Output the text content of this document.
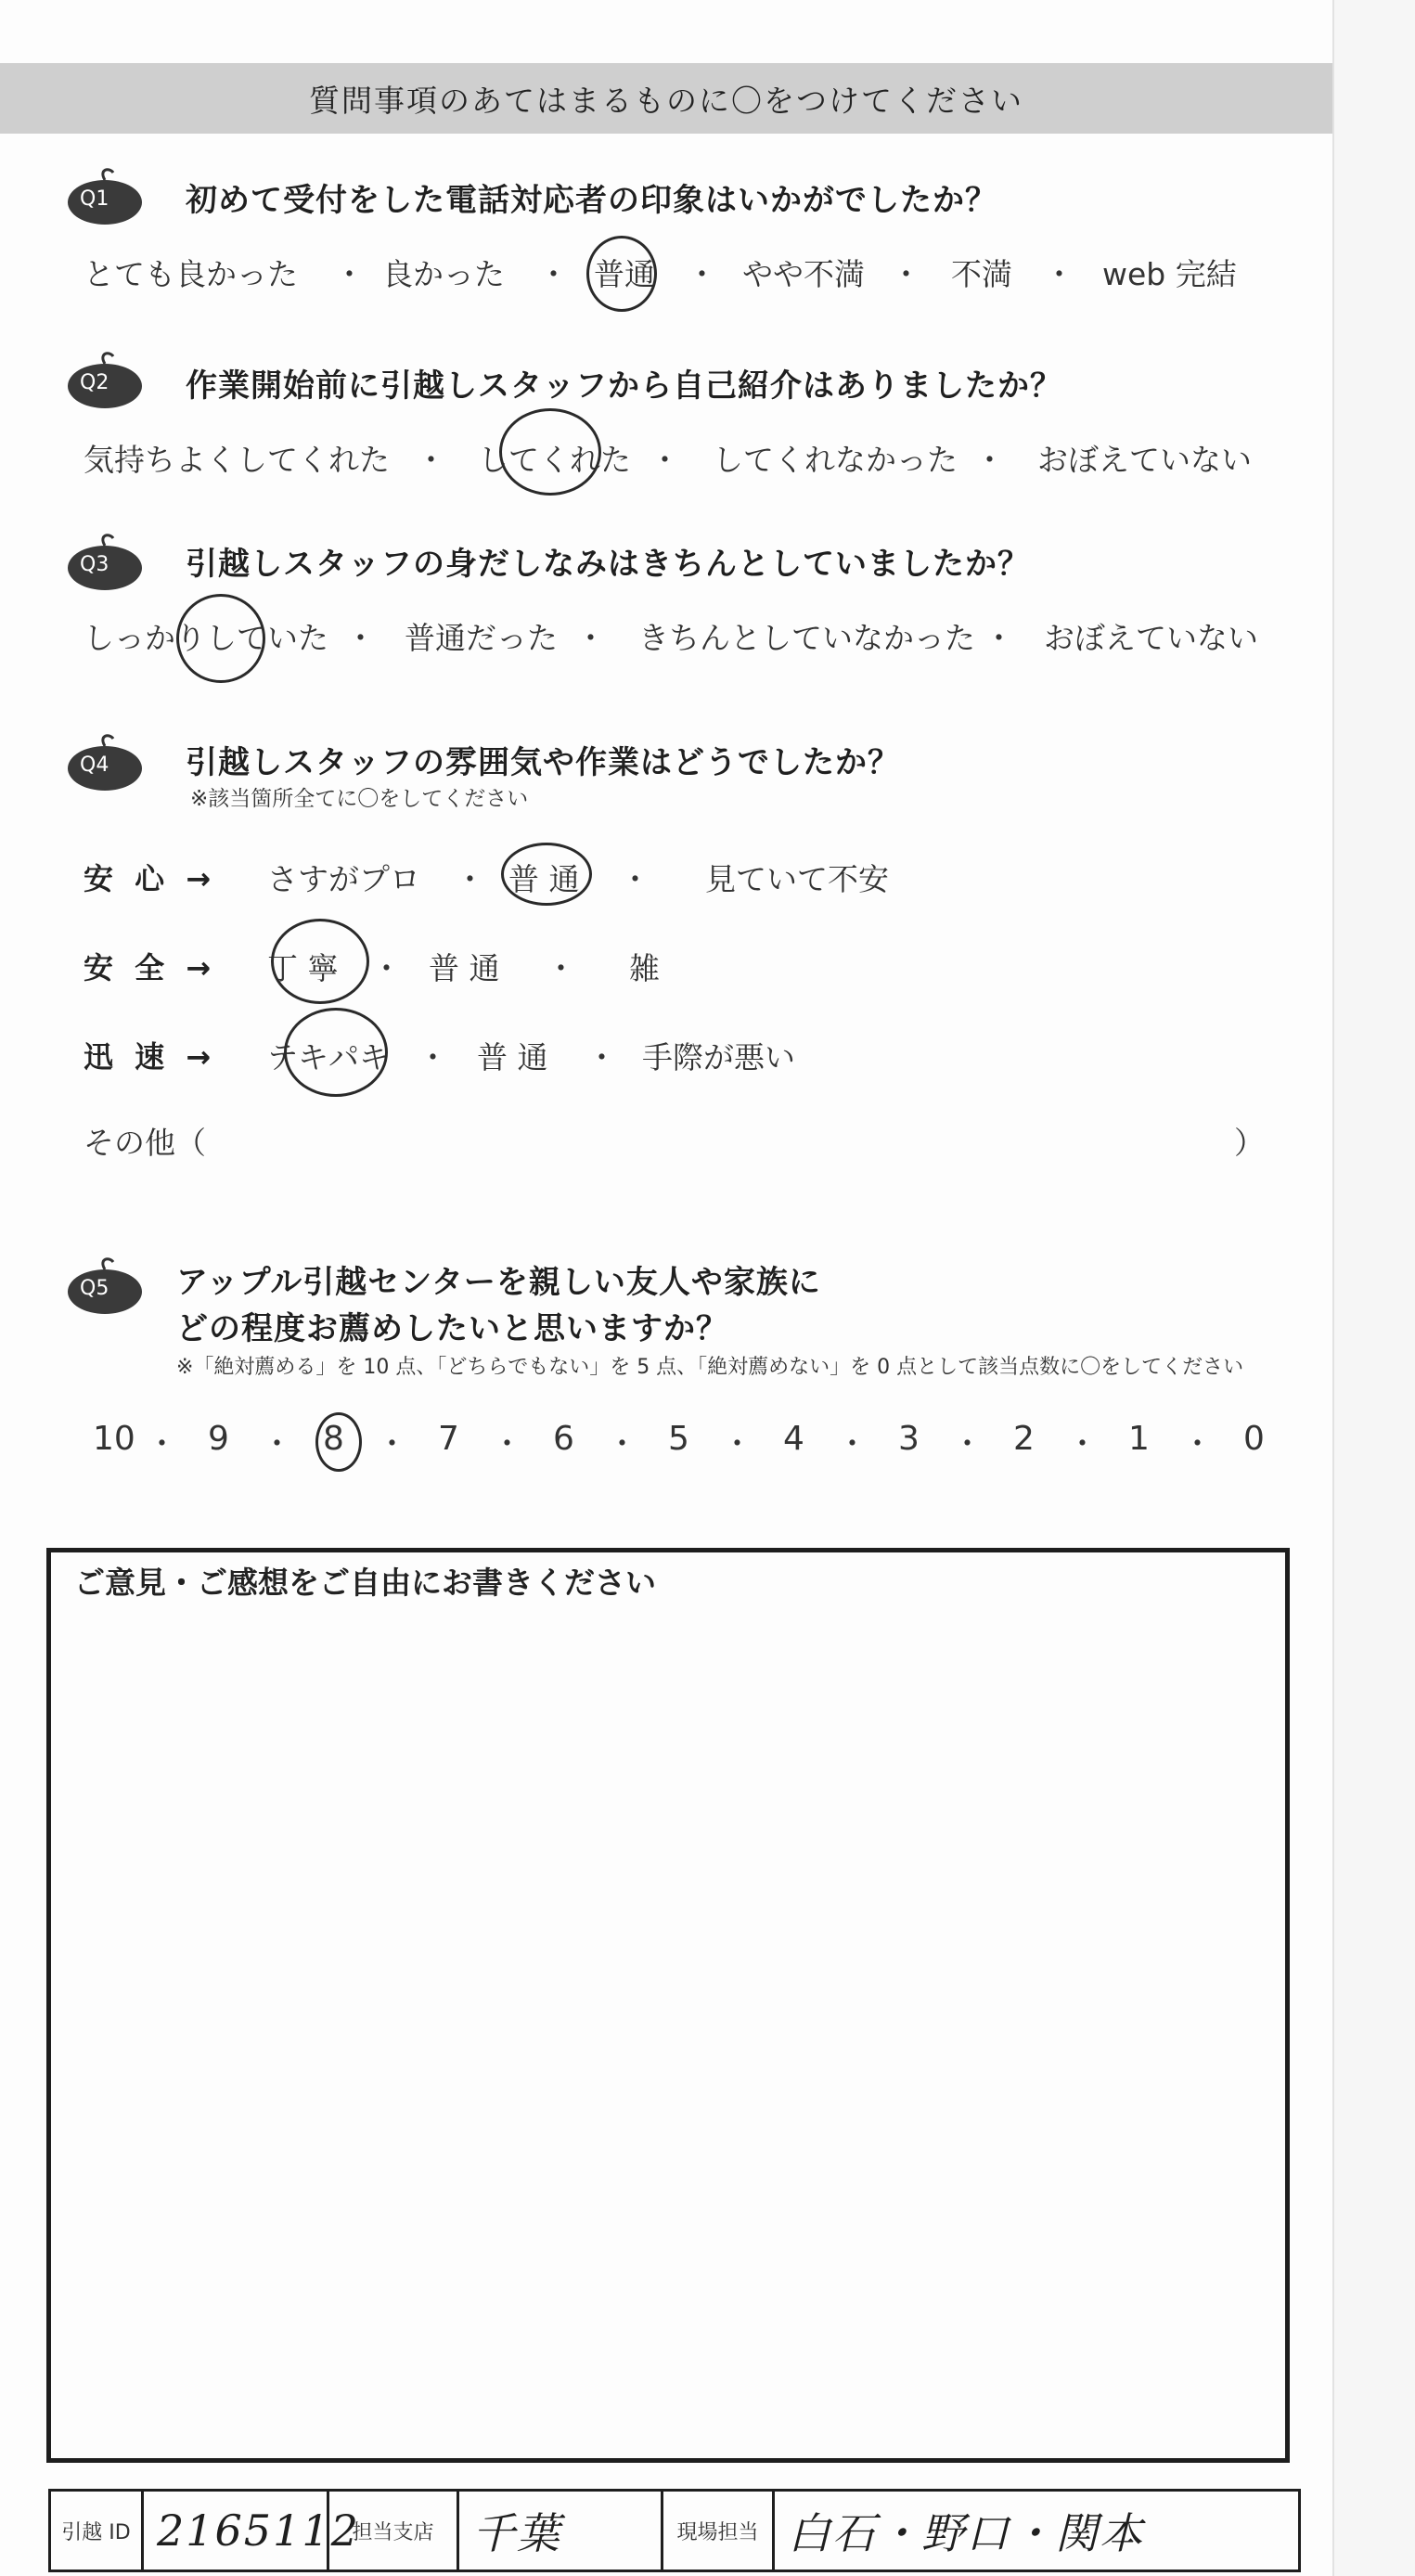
質問事項のあてはまるものに〇をつけてください
Q1 初めて受付をした電話対応者の印象はいかがでしたか？
とても良かった ・ 良かった ・ 普通 ・ やや不満 ・ 不満 ・ web 完結
Q2 作業開始前に引越しスタッフから自己紹介はありましたか？
気持ちよくしてくれた ・ してくれた ・ してくれなかった ・ おぼえていない
Q3 引越しスタッフの身だしなみはきちんとしていましたか？
しっかりしていた ・ 普通だった ・ きちんとしていなかった ・ おぼえていない
Q4 引越しスタッフの雰囲気や作業はどうでしたか？
※該当箇所全てに〇をしてください
安 心 → さすがプロ ・ 普 通 ・ 見ていて不安
安 全 → 丁 寧 ・ 普 通 ・ 雑
迅 速 → テキパキ ・ 普 通 ・ 手際が悪い
その他（	）
Q5 アップル引越センターを親しい友人や家族に
どの程度お薦めしたいと思いますか？
※「絶対薦める」を 10 点、「どちらでもない」を 5 点、「絶対薦めない」を 0 点として該当点数に〇をしてください
10 ・ 9 ・ 8 ・ 7 ・ 6 ・ 5 ・ 4 ・ 3 ・ 2 ・ 1 ・ 0
ご意見・ご感想をご自由にお書きください
引越 ID 2165112
担当支店 千葉	現場担当 白石・野口・関本
